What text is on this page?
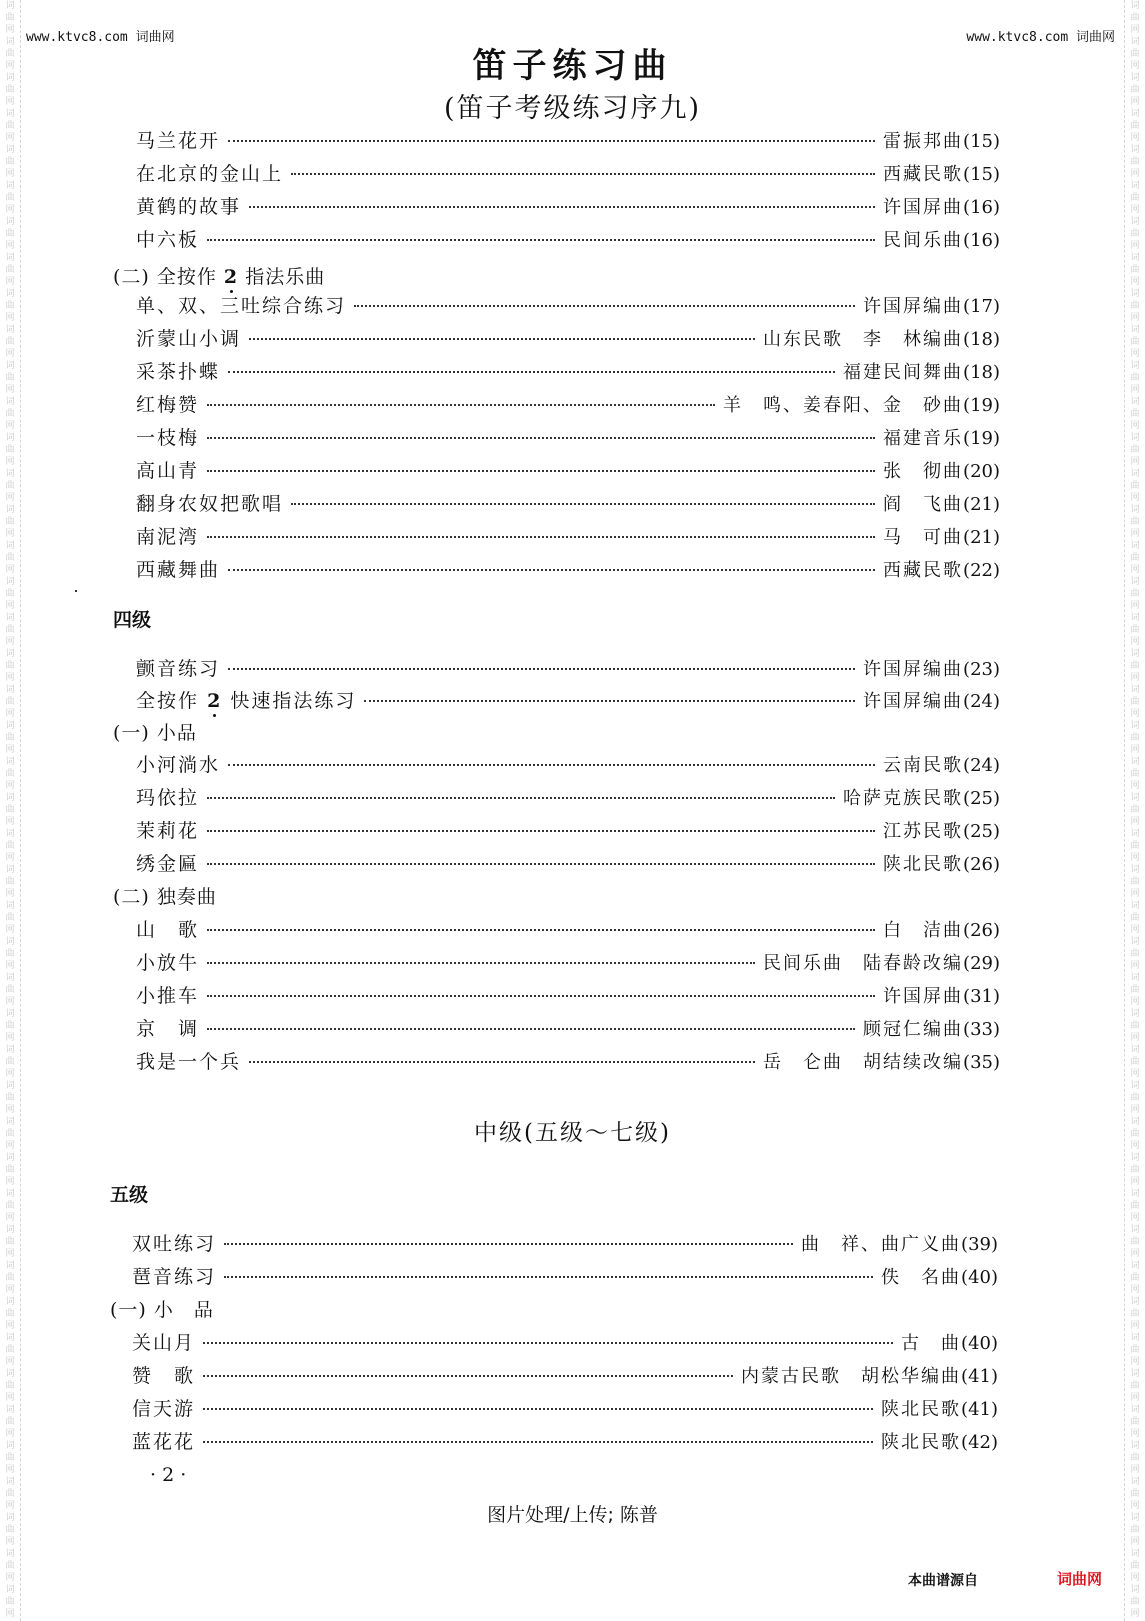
词曲网词曲网词曲网词曲网词曲网词曲网词曲网词曲网词曲网词曲网词曲网词曲网词曲网词曲网词曲网词曲网词曲网词曲网词曲网词曲网词曲网词曲网词曲网词曲网词曲网词曲网词曲网词曲网词曲网词曲网词曲网词曲网词曲网词曲网词曲网词曲网词曲网词曲网词曲网词曲网词曲网词曲网词曲网词曲网词曲网
词曲网词曲网词曲网词曲网词曲网词曲网词曲网词曲网词曲网词曲网词曲网词曲网词曲网词曲网词曲网词曲网词曲网词曲网词曲网词曲网词曲网词曲网词曲网词曲网词曲网词曲网词曲网词曲网词曲网词曲网词曲网词曲网词曲网词曲网词曲网词曲网词曲网词曲网词曲网词曲网词曲网词曲网词曲网词曲网词曲网
www.ktvc8.com 词曲网	www.ktvc8.com 词曲网
笛子练习曲
(笛子考级练习序九)
马兰花开	雷振邦曲 (15)
在北京的金山上	西藏民歌 (15)
黄鹤的故事	许国屏曲 (16)
中六板	民间乐曲 (16)
(二) 全按作 2 指法乐曲
单、双、三吐综合练习	许国屏编曲 (17)
沂蒙山小调	山东民歌　李　林编曲 (18)
采茶扑蝶	福建民间舞曲 (18)
红梅赞	羊　鸣、姜春阳、金　砂曲 (19)
一枝梅	福建音乐 (19)
高山青	张　彻曲 (20)
翻身农奴把歌唱	阎　飞曲 (21)
南泥湾	马　可曲 (21)
西藏舞曲	西藏民歌 (22)
四级
颤音练习	许国屏编曲 (23)
全按作 2 快速指法练习	许国屏编曲 (24)
(一) 小品
小河淌水	云南民歌 (24)
玛依拉	哈萨克族民歌 (25)
茉莉花	江苏民歌 (25)
绣金匾	陕北民歌 (26)
(二) 独奏曲
山　歌	白　洁曲 (26)
小放牛	民间乐曲　陆春龄改编 (29)
小推车	许国屏曲 (31)
京　调	顾冠仁编曲 (33)
我是一个兵	岳　仑曲　胡结续改编 (35)
中级(五级～七级)
五级
双吐练习	曲　祥、曲广义曲 (39)
琶音练习	佚　名曲 (40)
(一) 小　品
关山月	古　曲 (40)
赞　歌	内蒙古民歌　胡松华编曲 (41)
信天游	陕北民歌 (41)
蓝花花	陕北民歌 (42)
· 2 ·
图片处理/上传; 陈普
本曲谱源自	词曲网
